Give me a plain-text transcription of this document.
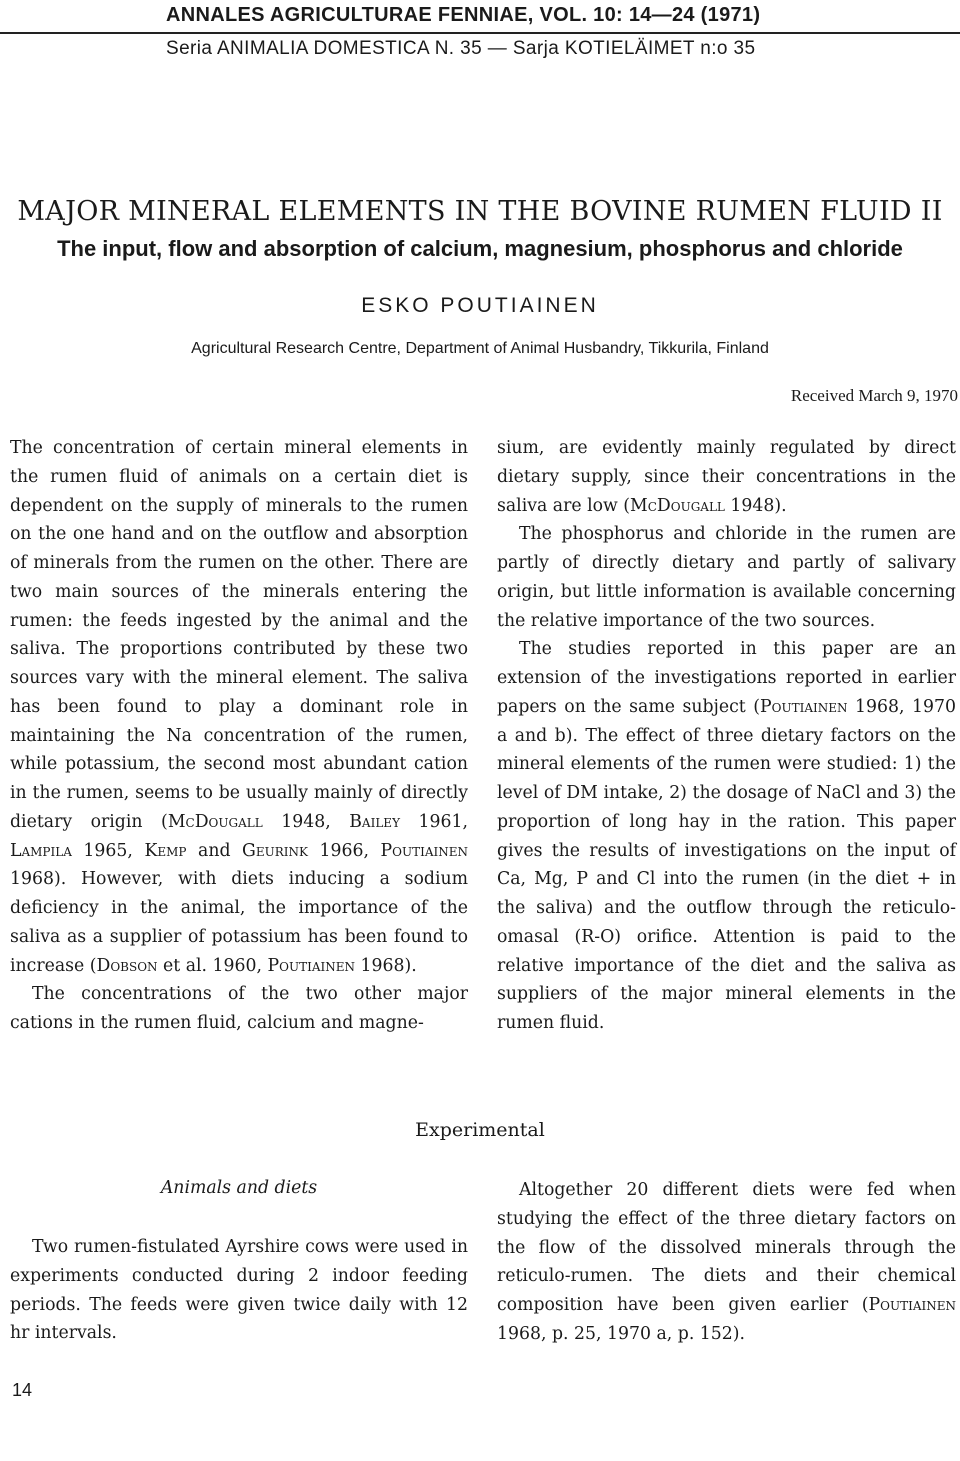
ANNALES AGRICULTURAE FENNIAE, VOL. 10: 14—24 (1971)
Seria ANIMALIA DOMESTICA N. 35 — Sarja KOTIELÄIMET n:o 35
MAJOR MINERAL ELEMENTS IN THE BOVINE RUMEN FLUID II
The input, flow and absorption of calcium, magnesium, phosphorus and chloride
ESKO POUTIAINEN
Agricultural Research Centre, Department of Animal Husbandry, Tikkurila, Finland
Received March 9, 1970

The concentration of certain mineral elements in the rumen fluid of animals on a certain diet is dependent on the supply of minerals to the rumen on the one hand and on the outflow and absorption of minerals from the rumen on the other. There are two main sources of the minerals entering the rumen: the feeds ingested by the animal and the saliva. The proportions contributed by these two sources vary with the mineral element. The saliva has been found to play a dominant role in maintaining the Na concentration of the rumen, while potassium, the second most abundant cation in the rumen, seems to be usually mainly of directly dietary origin (McDougall 1948, Bailey 1961, Lampila 1965, Kemp and Geurink 1966, Poutiainen 1968). However, with diets inducing a sodium deficiency in the animal, the importance of the saliva as a supplier of potassium has been found to increase (Dobson et al. 1960, Poutiainen 1968).

The concentrations of the two other major cations in the rumen fluid, calcium and magne-

sium, are evidently mainly regulated by direct dietary supply, since their concentrations in the saliva are low (McDougall 1948).

The phosphorus and chloride in the rumen are partly of directly dietary and partly of salivary origin, but little information is available concerning the relative importance of the two sources.

The studies reported in this paper are an extension of the investigations reported in earlier papers on the same subject (Poutiainen 1968, 1970 a and b). The effect of three dietary factors on the mineral elements of the rumen were studied: 1) the level of DM intake, 2) the dosage of NaCl and 3) the proportion of long hay in the ration. This paper gives the results of investigations on the input of Ca, Mg, P and Cl into the rumen (in the diet + in the saliva) and the outflow through the reticulo-omasal (R-O) orifice. Attention is paid to the relative importance of the diet and the saliva as suppliers of the major mineral elements in the rumen fluid.

Experimental
Animals and diets

Two rumen-fistulated Ayrshire cows were used in experiments conducted during 2 indoor feeding periods. The feeds were given twice daily with 12 hr intervals.

Altogether 20 different diets were fed when studying the effect of the three dietary factors on the flow of the dissolved minerals through the reticulo-rumen. The diets and their chemical composition have been given earlier (Poutiainen 1968, p. 25, 1970 a, p. 152).

14
